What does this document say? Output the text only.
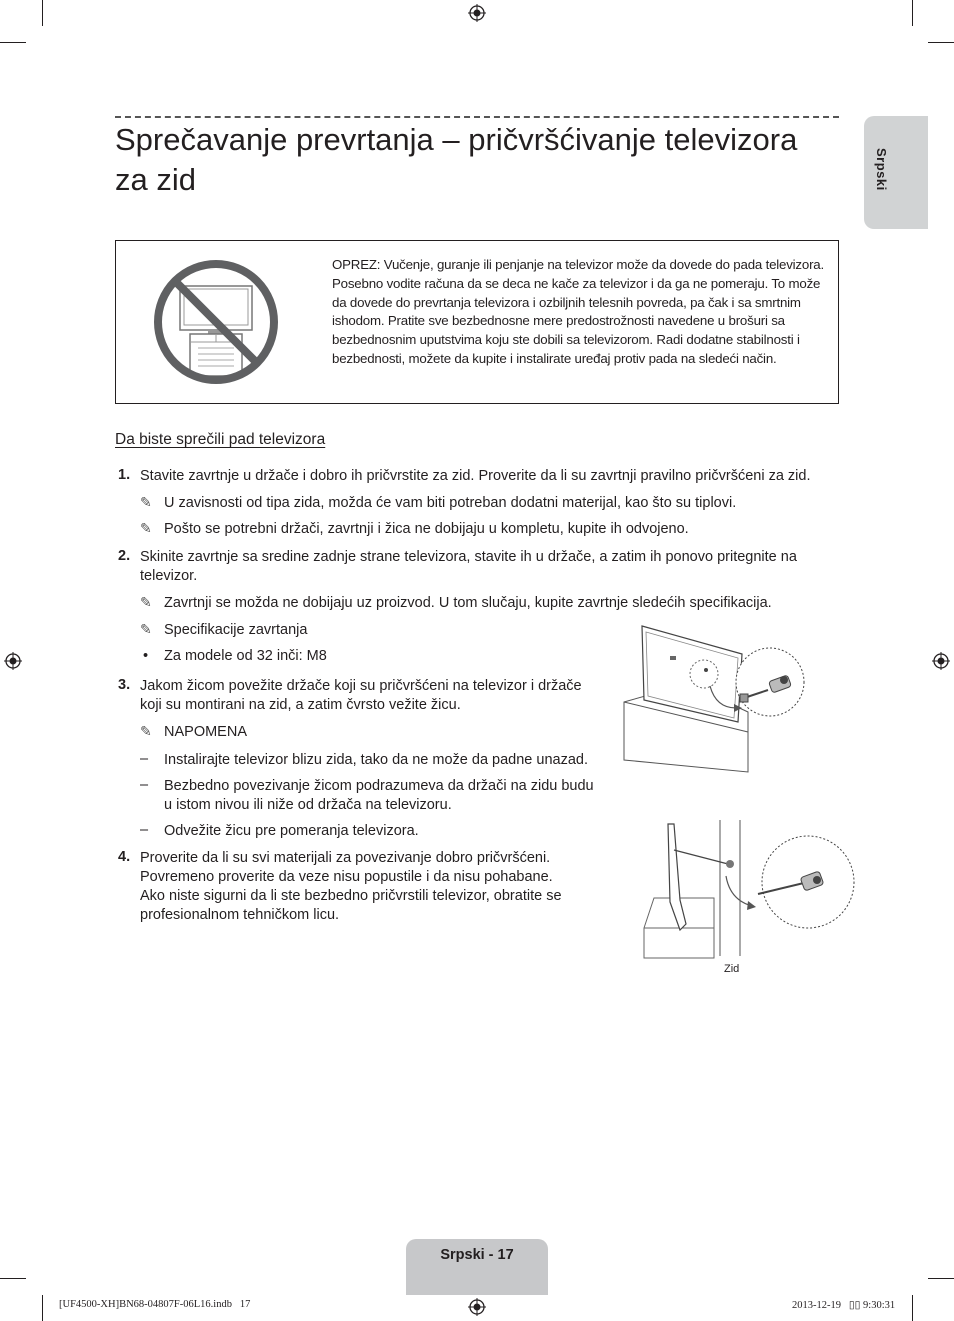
Sprečavanje prevrtanja – pričvršćivanje televizora za zid	Srpski
OPREZ: Vučenje, guranje ili penjanje na televizor može da dovede do pada televizora. Posebno vodite računa da se deca ne kače za televizor i da ga ne pomeraju. To može da dovede do prevrtanja televizora i ozbiljnih telesnih povreda, pa čak i sa smrtnim ishodom. Pratite sve bezbednosne mere predostrožnosti navedene u brošuri sa bezbednosnim uputstvima koju ste dobili sa televizorom. Radi dodatne stabilnosti i bezbednosti, možete da kupite i instalirate uređaj protiv pada na sledeći način.
Da biste sprečili pad televizora
1. Stavite zavrtnje u držače i dobro ih pričvrstite za zid. Proverite da li su zavrtnji pravilno pričvršćeni za zid.
✎ U zavisnosti od tipa zida, možda će vam biti potreban dodatni materijal, kao što su tiplovi.
✎ Pošto se potrebni držači, zavrtnji i žica ne dobijaju u kompletu, kupite ih odvojeno.
2. Skinite zavrtnje sa sredine zadnje strane televizora, stavite ih u držače, a zatim ih ponovo pritegnite na
televizor.
✎ Zavrtnji se možda ne dobijaju uz proizvod. U tom slučaju, kupite zavrtnje sledećih specifikacija.
✎ Specifikacije zavrtanja
• Za modele od 32 inči: M8
3. Jakom žicom povežite držače koji su pričvršćeni na televizor i držače
koji su montirani na zid, a zatim čvrsto vežite žicu.
✎ NAPOMENA
– Instalirajte televizor blizu zida, tako da ne može da padne unazad.
– Bezbedno povezivanje žicom podrazumeva da držači na zidu budu
u istom nivou ili niže od držača na televizoru.
– Odvežite žicu pre pomeranja televizora.
4. Proverite da li su svi materijali za povezivanje dobro pričvršćeni.
Povremeno proverite da veze nisu popustile i da nisu pohabane.
Ako niste sigurni da li ste bezbedno pričvrstili televizor, obratite se
profesionalnom tehničkom licu.
Zid
Srpski - 17
[UF4500-XH]BN68-04807F-06L16.indb   17	2013-12-19   ▯▯ 9:30:31
